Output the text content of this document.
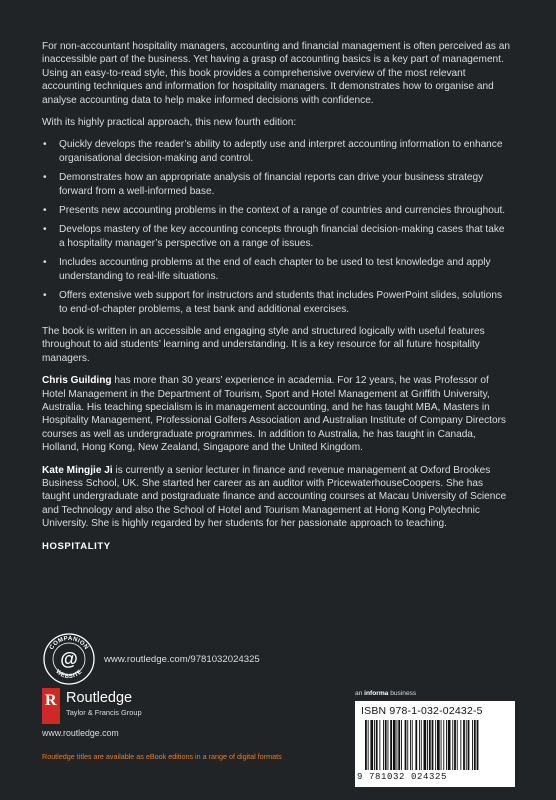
For non-accountant hospitality managers, accounting and financial management is often perceived as an inaccessible part of the business. Yet having a grasp of accounting basics is a key part of management. Using an easy-to-read style, this book provides a comprehensive overview of the most relevant accounting techniques and information for hospitality managers. It demonstrates how to organise and analyse accounting data to help make informed decisions with confidence.

With its highly practical approach, this new fourth edition:

• Quickly develops the reader’s ability to adeptly use and interpret accounting information to enhance organisational decision-making and control.
• Demonstrates how an appropriate analysis of financial reports can drive your business strategy forward from a well-informed base.
• Presents new accounting problems in the context of a range of countries and currencies throughout.
• Develops mastery of the key accounting concepts through financial decision-making cases that take a hospitality manager’s perspective on a range of issues.
• Includes accounting problems at the end of each chapter to be used to test knowledge and apply understanding to real-life situations.
• Offers extensive web support for instructors and students that includes PowerPoint slides, solutions to end-of-chapter problems, a test bank and additional exercises.

The book is written in an accessible and engaging style and structured logically with useful features throughout to aid students’ learning and understanding. It is a key resource for all future hospitality managers.

Chris Guilding has more than 30 years’ experience in academia. For 12 years, he was Professor of Hotel Management in the Department of Tourism, Sport and Hotel Management at Griffith University, Australia. His teaching specialism is in management accounting, and he has taught MBA, Masters in Hospitality Management, Professional Golfers Association and Australian Institute of Company Directors courses as well as undergraduate programmes. In addition to Australia, he has taught in Canada, Holland, Hong Kong, New Zealand, Singapore and the United Kingdom.

Kate Mingjie Ji is currently a senior lecturer in finance and revenue management at Oxford Brookes Business School, UK. She started her career as an auditor with PricewaterhouseCoopers. She has taught undergraduate and postgraduate finance and accounting courses at Macau University of Science and Technology and also the School of Hotel and Tourism Management at Hong Kong Polytechnic University. She is highly regarded by her students for her passionate approach to teaching.

HOSPITALITY
COMPANION
WEBSITE
@	www.routledge.com/9781032024325
R Routledge
Taylor & Francis Group
www.routledge.com
Routledge titles are available as eBook editions in a range of digital formats
an informa business
ISBN 978-1-032-02432-5
9 781032 024325
